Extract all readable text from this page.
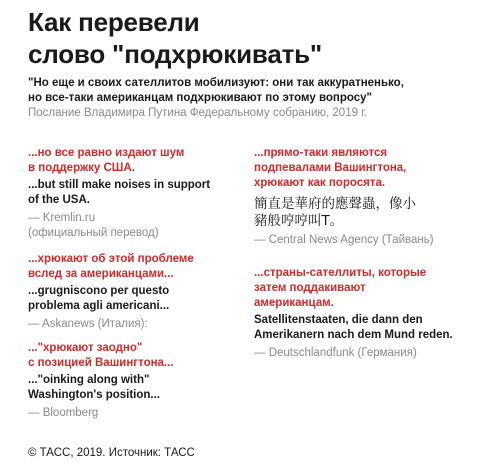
Как перевели
слово "подхрюкивать"
"Но еще и своих сателлитов мобилизуют: они так аккуратненько,
но все-таки американцам подхрюкивают по этому вопросу"
Послание Владимира Путина Федеральному собранию, 2019 г.
...но все равно издают шум
в поддержку США.
...but still make noises in support
of the USA.
— Kremlin.ru
(официальный перевод)
...хрюкают об этой проблеме
вслед за американцами...
...grugniscono per questo
problema agli americani...
— Askanews (Италия):
..."хрюкают заодно"
с позицией Вашингтона...
..."oinking along with"
Washington's position...
— Bloomberg
...прямо-таки являются
подпевалами Вашингтона,
хрюкают как поросята.
簡直是華府的應聲蟲，像小
豬般哼哼叫T。
— Central News Agency (Тайвань)
...страны-сателлиты, которые
затем поддакивают
американцам.
Satellitenstaaten, die dann den
Amerikanern nach dem Mund reden.
— Deutschlandfunk (Германия)
© ТАСС, 2019. Источник: ТАСС
